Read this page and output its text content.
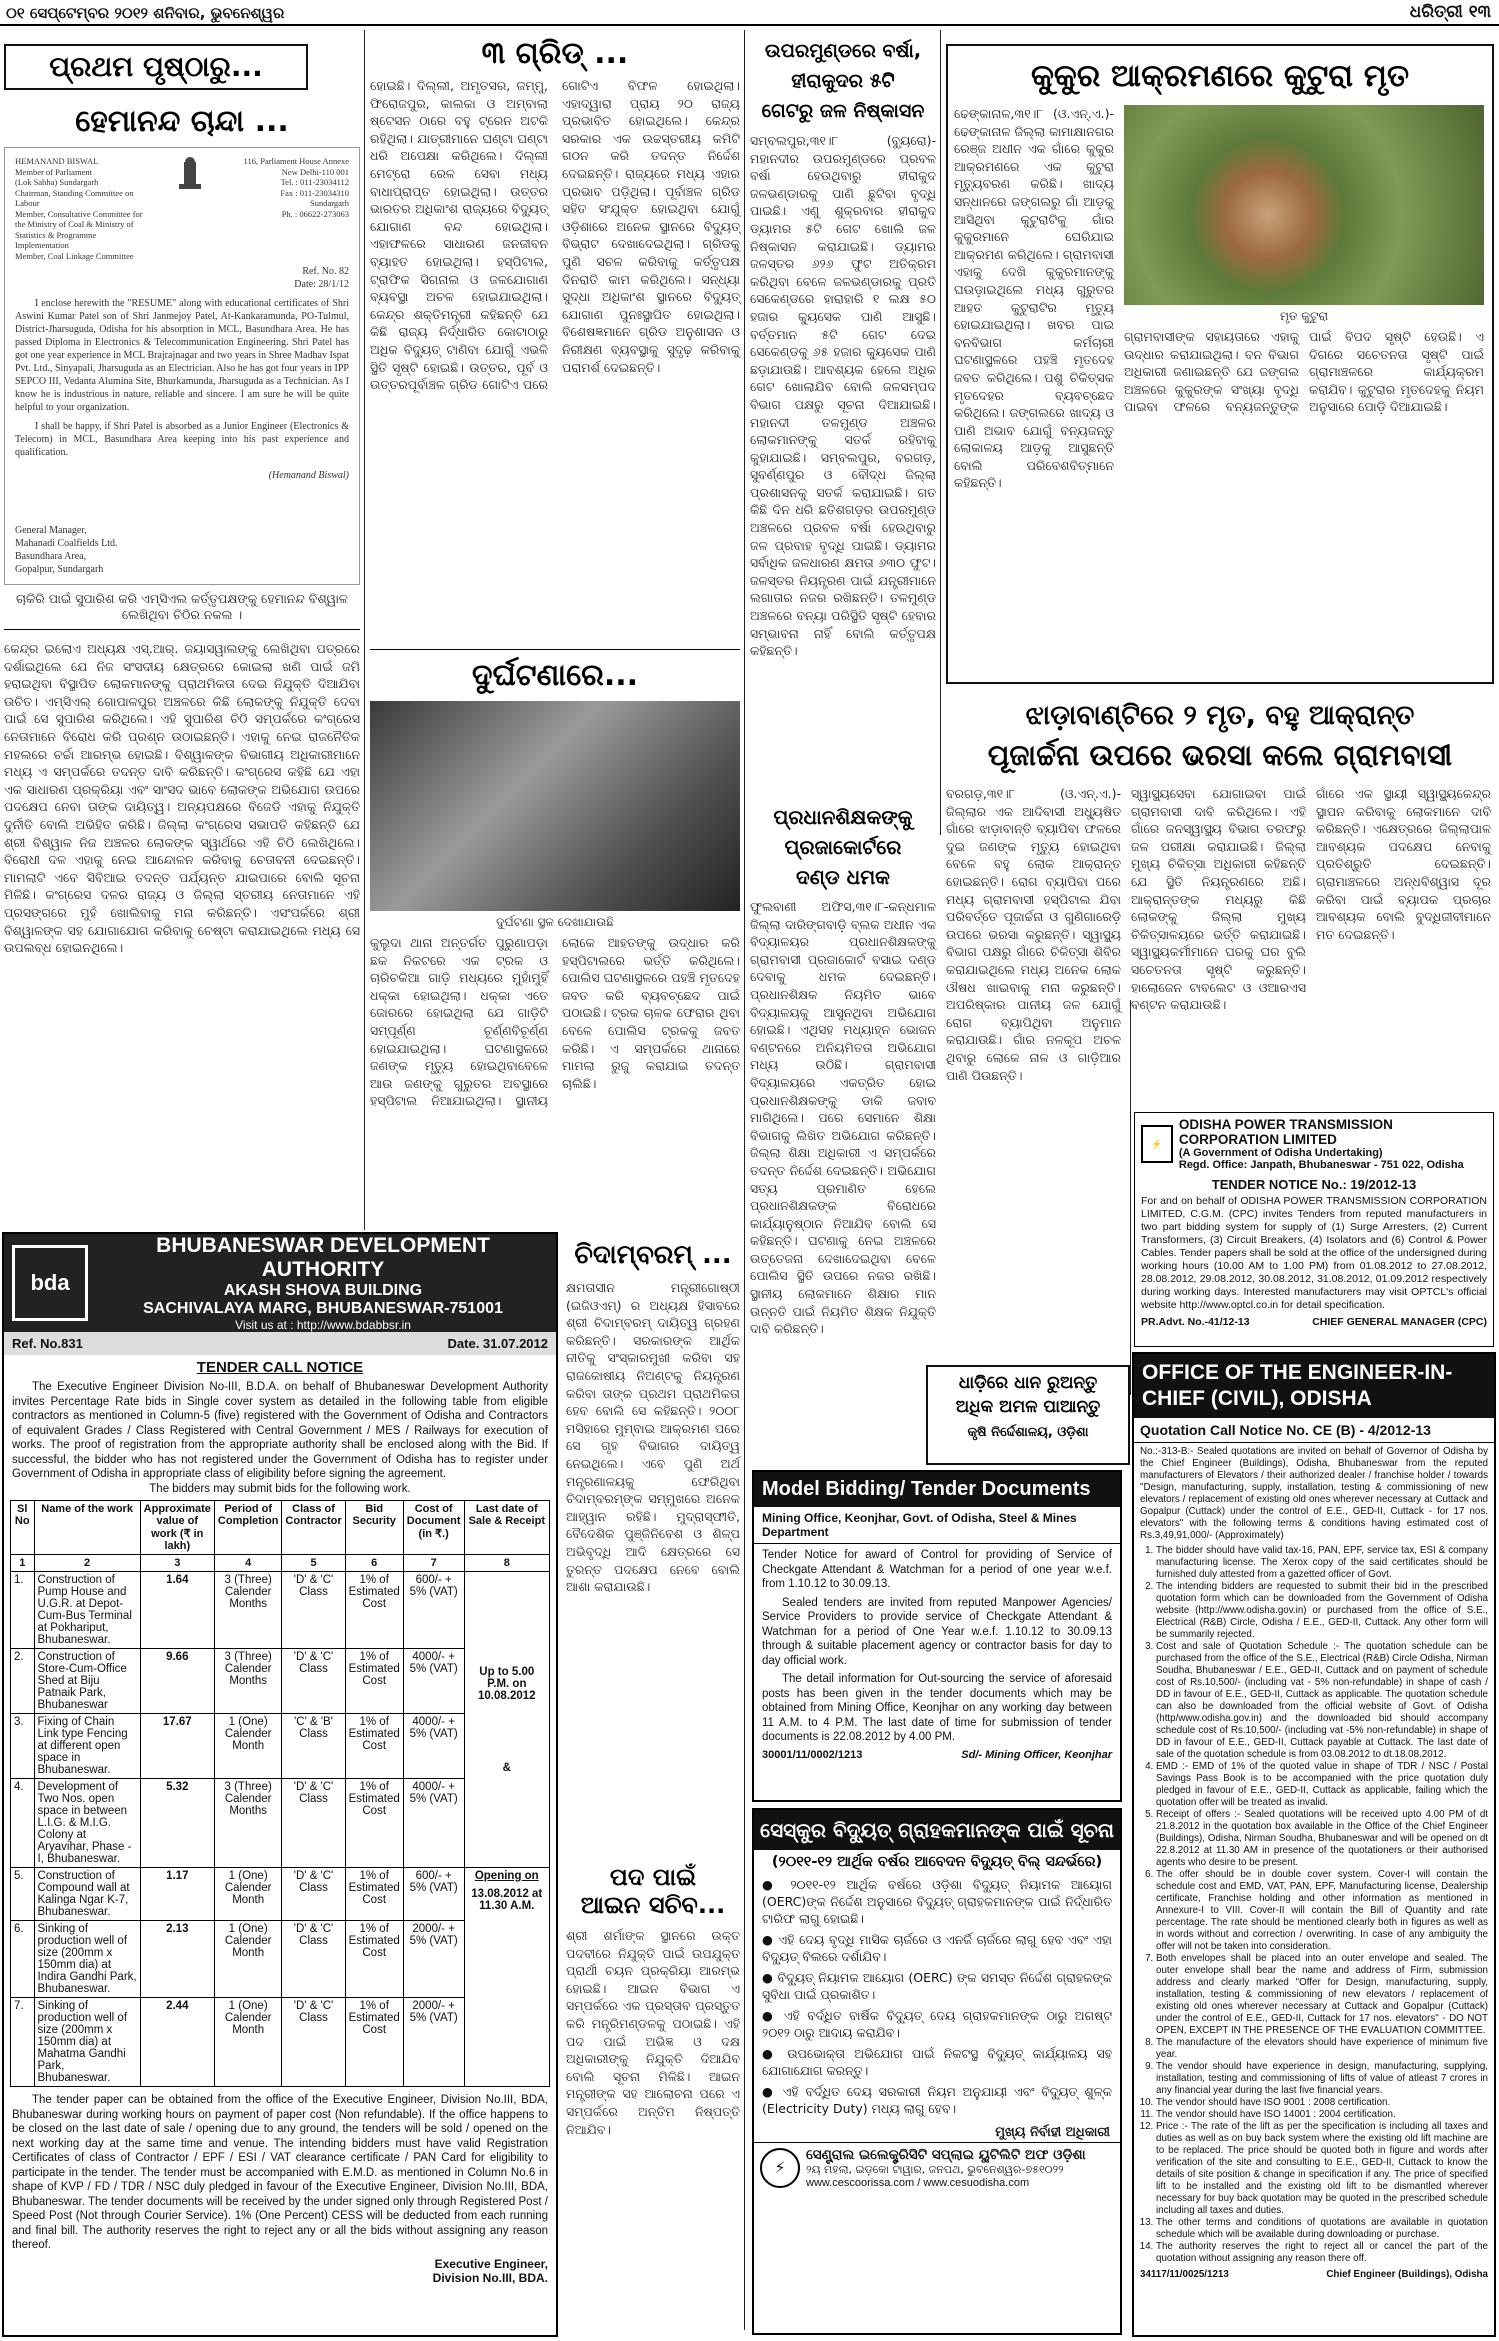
୦୧ ସେପ୍ଟେମ୍ବର ୨୦୧୨ ଶନିବାର, ଭୁବନେଶ୍ୱର	ଧରିତ୍ରୀ ୧୩
ପ୍ରଥମ ପୃଷ୍ଠାରୁ...
ହେମାନନ୍ଦ ଚାନ୍ଦା ...
HEMANAND BISWAL
Member of Parliament
(Lok Sabha) Sundargarh
Chairman, Standing Committee on Labour
Member, Consultative Committee for the Ministry of Coal & Ministry of Statistics & Programme Implementation
Member, Coal Linkage Committee
116, Parliament House Annexe
New Delhi-110 001
Tel. : 011-23034112
Fax : 011-23034310
Sundargarh
Ph. : 06622-273063
Ref. No. 82
Date: 28/1/12

I enclose herewith the "RESUME" along with educational certificates of Shri Aswini Kumar Patel son of Shri Janmejoy Patel, At-Kankaramunda, PO-Tulmul, District-Jharsuguda, Odisha for his absorption in MCL, Basundhara Area. He has passed Diploma in Electronics & Telecommunication Engineering. Shri Patel has got one year experience in MCL Brajrajnagar and two years in Shree Madhav Ispat Pvt. Ltd., Sinyapali, Jharsuguda as an Electrician. Also he has got four years in IPP SEPCO III, Vedanta Alumina Site, Bhurkamunda, Jharsuguda as a Technician. As I know he is industrious in nature, reliable and sincere. I am sure he will be quite helpful to your organization.

I shall be happy, if Shri Patel is absorbed as a Junior Engineer (Electronics & Telecom) in MCL, Basundhara Area keeping into his past experience and qualification.

(Hemanand Biswal)
General Manager,
Mahanadi Coalfields Ltd.
Basundhara Area,
Gopalpur, Sundargarh
ଚାକିରି ପାଇଁ ସୁପାରିଶ କରି ଏମ୍‌ସିଏଲ କର୍ତ୍ତୃପକ୍ଷଙ୍କୁ ହେମାନନ୍ଦ ବିଶ୍ୱାଳ ଲେଖିଥିବା ଚିଠିର ନକଲ ।
କେନ୍ଦ୍ର ଇଲୋଏ ଅଧ୍ୟକ୍ଷ ଏସ୍‌.ଆର୍‌. ଜୟାସୱାଲଙ୍କୁ ଲେଖିଥିବା ପତ୍ରରେ ଦର୍ଶାଇଥିଲେ ଯେ ନିଜ ସଂସଦୀୟ କ୍ଷେତ୍ରରେ କୋଇଲା ଖଣି ପାଇଁ ଜମି ହରାଇଥିବା ବିସ୍ଥାପିତ ଲୋକମାନଙ୍କୁ ପ୍ରାଥମିକତା ଦେଇ ନିଯୁକ୍ତି ଦିଆଯିବା ଉଚିତ। ଏମ୍‌ସିଏଲ୍‌ ଗୋପାଳପୁର ଅଞ୍ଚଳରେ କିଛି ଲୋକଙ୍କୁ ନିଯୁକ୍ତି ଦେବା ପାଇଁ ସେ ସୁପାରିଶ କରିଥିଲେ। ଏହି ସୁପାରିଶ ଚିଠି ସମ୍ପର୍କରେ କଂଗ୍ରେସ ନେତାମାନେ ବିରୋଧ କରି ପ୍ରଶ୍ନ ଉଠାଇଛନ୍ତି। ଏହାକୁ ନେଇ ରାଜନୈତିକ ମହଲରେ ଚର୍ଚ୍ଚା ଆରମ୍ଭ ହୋଇଛି। ବିଶ୍ୱାଳଙ୍କ ବିଭାଗୀୟ ଅଧିକାରୀମାନେ ମଧ୍ୟ ଏ ସମ୍ପର୍କରେ ତଦନ୍ତ ଦାବି କରିଛନ୍ତି। କଂଗ୍ରେସ କହିଛି ଯେ ଏହା ଏକ ସାଧାରଣ ପ୍ରକ୍ରିୟା ଏବଂ ସାଂସଦ ଭାବେ ଲୋକଙ୍କ ଅଭିଯୋଗ ଉପରେ ପଦକ୍ଷେପ ନେବା ତାଙ୍କ ଦାୟିତ୍ୱ। ଅନ୍ୟପକ୍ଷରେ ବିଜେଡି ଏହାକୁ ନିଯୁକ୍ତି ଦୁର୍ନୀତି ବୋଲି ଅଭିହିତ କରିଛି। ଜିଲ୍ଲା କଂଗ୍ରେସ ସଭାପତି କହିଛନ୍ତି ଯେ ଶ୍ରୀ ବିଶ୍ୱାଳ ନିଜ ଅଞ୍ଚଳର ଲୋକଙ୍କ ସ୍ୱାର୍ଥରେ ଏହି ଚିଠି ଲେଖିଥିଲେ। ବିରୋଧୀ ଦଳ ଏହାକୁ ନେଇ ଆନ୍ଦୋଳନ କରିବାକୁ ଚେତାବନୀ ଦେଇଛନ୍ତି। ମାମଲାଟି ଏବେ ସିବିଆଇ ତଦନ୍ତ ପର୍ଯ୍ୟନ୍ତ ଯାଇପାରେ ବୋଲି ସୂଚନା ମିଳିଛି। କଂଗ୍ରେସ ଦଳର ରାଜ୍ୟ ଓ ଜିଲ୍ଲା ସ୍ତରୀୟ ନେତାମାନେ ଏହି ପ୍ରସଙ୍ଗରେ ମୁହଁ ଖୋଲିବାକୁ ମନା କରିଛନ୍ତି। ଏସଂପର୍କରେ ଶ୍ରୀ ବିଶ୍ୱାଳଙ୍କ ସହ ଯୋଗାଯୋଗ କରିବାକୁ ଚେଷ୍ଟା କରାଯାଇଥିଲେ ମଧ୍ୟ ସେ ଉପଲବ୍ଧ ହୋଇନଥିଲେ।
୩ ଗ୍ରିଡ୍‌ ...
ହୋଇଛି। ଦିଲ୍ଲୀ, ଅମୃତସର, ଜମ୍ମୁ, ଫିରୋଜପୁର, କାଲକା ଓ ଅମ୍ବାଲା ଷ୍ଟେସନ ଠାରେ ବହୁ ଟ୍ରେନ ଅଟକି ରହିଥିଲା। ଯାତ୍ରୀମାନେ ଘଣ୍ଟା ଘଣ୍ଟା ଧରି ଅପେକ୍ଷା କରିଥିଲେ। ଦିଲ୍ଲୀ ମେଟ୍ରୋ ରେଳ ସେବା ମଧ୍ୟ ବାଧାପ୍ରାପ୍ତ ହୋଇଥିଲା। ଉତ୍ତର ଭାରତର ଅଧିକାଂଶ ରାଜ୍ୟରେ ବିଦ୍ୟୁତ୍‌ ଯୋଗାଣ ବନ୍ଦ ହୋଇଥିଲା। ଏହାଫଳରେ ସାଧାରଣ ଜନଜୀବନ ବ୍ୟାହତ ହୋଇଥିଲା। ହସ୍ପିଟାଲ, ଟ୍ରାଫିକ ସିଗନାଲ ଓ ଜଳଯୋଗାଣ ବ୍ୟବସ୍ଥା ଅଚଳ ହୋଇଯାଇଥିଲା। କେନ୍ଦ୍ର ଶକ୍ତିମନ୍ତ୍ରୀ କହିଛନ୍ତି ଯେ କିଛି ରାଜ୍ୟ ନିର୍ଦ୍ଧାରିତ କୋଟାଠାରୁ ଅଧିକ ବିଦ୍ୟୁତ୍‌ ଟାଣିବା ଯୋଗୁଁ ଏଭଳି ସ୍ଥିତି ସୃଷ୍ଟି ହୋଇଛି। ଉତ୍ତର, ପୂର୍ବ ଓ ଉତ୍ତରପୂର୍ବାଞ୍ଚଳ ଗ୍ରିଡ ଗୋଟିଏ ପରେ ଗୋଟିଏ ବିଫଳ ହୋଇଥିଲା। ଏହାଦ୍ୱାରା ପ୍ରାୟ ୨୦ ରାଜ୍ୟ ପ୍ରଭାବିତ ହୋଇଥିଲେ। କେନ୍ଦ୍ର ସରକାର ଏକ ଉଚ୍ଚସ୍ତରୀୟ କମିଟି ଗଠନ କରି ତଦନ୍ତ ନିର୍ଦ୍ଦେଶ ଦେଇଛନ୍ତି। ରାଜ୍ୟରେ ମଧ୍ୟ ଏହାର ପ୍ରଭାବ ପଡ଼ିଥିଲା। ପୂର୍ବାଞ୍ଚଳ ଗ୍ରିଡ ସହିତ ସଂଯୁକ୍ତ ହୋଇଥିବା ଯୋଗୁଁ ଓଡ଼ିଶାରେ ଅନେକ ସ୍ଥାନରେ ବିଦ୍ୟୁତ୍‌ ବିଭ୍ରାଟ ଦେଖାଦେଇଥିଲା। ଗ୍ରିଡକୁ ପୁଣି ସଚଳ କରିବାକୁ କର୍ତ୍ତୃପକ୍ଷ ଦିନରାତି କାମ କରିଥିଲେ। ସନ୍ଧ୍ୟା ସୁଦ୍ଧା ଅଧିକାଂଶ ସ୍ଥାନରେ ବିଦ୍ୟୁତ୍‌ ଯୋଗାଣ ପୁନଃସ୍ଥାପିତ ହୋଇଥିଲା। ବିଶେଷଜ୍ଞମାନେ ଗ୍ରିଡ ଅନୁଶାସନ ଓ ନିରୀକ୍ଷଣ ବ୍ୟବସ୍ଥାକୁ ସୁଦୃଢ଼ କରିବାକୁ ପରାମର୍ଶ ଦେଇଛନ୍ତି।
ଦୁର୍ଘଟଣାରେ...
ଦୁର୍ଘଟଣା ସ୍ଥଳ ଦେଖାଯାଉଛି
କୁଲୁଦା ଥାନା ଅନ୍ତର୍ଗତ ପୁରୁଣାପଡ଼ା ଛକ ନିକଟରେ ଏକ ଟ୍ରକ ଓ ଚାରିଚକିଆ ଗାଡ଼ି ମଧ୍ୟରେ ମୁହାଁମୁହିଁ ଧକ୍କା ହୋଇଥିଲା। ଧକ୍କା ଏତେ ଜୋରରେ ହୋଇଥିଲା ଯେ ଗାଡ଼ିଟି ସମ୍ପୂର୍ଣ୍ଣ ଚୂର୍ଣ୍ଣବିଚୂର୍ଣ୍ଣ ହୋଇଯାଇଥିଲା। ଘଟଣାସ୍ଥଳରେ ଜଣଙ୍କ ମୃତ୍ୟୁ ହୋଇଥିବାବେଳେ ଆଉ ଜଣଙ୍କୁ ଗୁରୁତର ଅବସ୍ଥାରେ ହସ୍ପିଟାଲ ନିଆଯାଇଥିଲା। ସ୍ଥାନୀୟ ଲୋକେ ଆହତଙ୍କୁ ଉଦ୍ଧାର କରି ହସ୍ପିଟାଲରେ ଭର୍ତ୍ତି କରିଥିଲେ। ପୋଲିସ ଘଟଣାସ୍ଥଳରେ ପହଞ୍ଚି ମୃତଦେହ ଜବତ କରି ବ୍ୟବଚ୍ଛେଦ ପାଇଁ ପଠାଇଛି। ଟ୍ରକ ଚାଳକ ଫେରାର ଥିବା ବେଳେ ପୋଲିସ ଟ୍ରକକୁ ଜବତ କରିଛି। ଏ ସମ୍ପର୍କରେ ଥାନାରେ ମାମଲା ରୁଜୁ କରାଯାଇ ତଦନ୍ତ ଚାଲିଛି।
ଚିଦାମ୍ବରମ୍‌ ...
କ୍ଷମତାସୀନ ମନ୍ତ୍ରୀଗୋଷ୍ଠୀ (ଇଜିଓଏମ୍‌) ର ଅଧ୍ୟକ୍ଷ ହିସାବରେ ଶ୍ରୀ ଚିଦାମ୍ବରମ୍‌ ଦାୟିତ୍ୱ ଗ୍ରହଣ କରିଛନ୍ତି। ସରକାରଙ୍କ ଆର୍ଥିକ ନୀତିକୁ ସଂସ୍କାରମୁଖୀ କରିବା ସହ ରାଜକୋଷୀୟ ନିଅଣ୍ଟକୁ ନିୟନ୍ତ୍ରଣ କରିବା ତାଙ୍କ ପ୍ରଥମ ପ୍ରାଥମିକତା ହେବ ବୋଲି ସେ କହିଛନ୍ତି। ୨୦୦୮ ମସିହାରେ ମୁମ୍ବାଇ ଆକ୍ରମଣ ପରେ ସେ ଗୃହ ବିଭାଗର ଦାୟିତ୍ୱ ନେଇଥିଲେ। ଏବେ ପୁଣି ଅର୍ଥ ମନ୍ତ୍ରଣାଳୟକୁ ଫେରିଥିବା ଚିଦାମ୍ବରମ୍‌ଙ୍କ ସମ୍ମୁଖରେ ଅନେକ ଆହ୍ୱାନ ରହିଛି। ମୁଦ୍ରାସ୍ଫୀତି, ବୈଦେଶିକ ପୁଞ୍ଜିନିବେଶ ଓ ଶିଳ୍ପ ଅଭିବୃଦ୍ଧି ଆଦି କ୍ଷେତ୍ରରେ ସେ ତୁରନ୍ତ ପଦକ୍ଷେପ ନେବେ ବୋଲି ଆଶା କରାଯାଉଛି।
ପଦ ପାଇଁ
ଆଇନ ସଚିବ...
ଶ୍ରୀ ଶର୍ମାଙ୍କ ସ୍ଥାନରେ ଉକ୍ତ ପଦବୀରେ ନିଯୁକ୍ତି ପାଇଁ ଉପଯୁକ୍ତ ପ୍ରାର୍ଥୀ ଚୟନ ପ୍ରକ୍ରିୟା ଆରମ୍ଭ ହୋଇଛି। ଆଇନ ବିଭାଗ ଏ ସମ୍ପର୍କରେ ଏକ ପ୍ରସ୍ତାବ ପ୍ରସ୍ତୁତ କରି ମନ୍ତ୍ରିମଣ୍ଡଳକୁ ପଠାଇଛି। ଏହି ପଦ ପାଇଁ ଅଭିଜ୍ଞ ଓ ଦକ୍ଷ ଅଧିକାରୀଙ୍କୁ ନିଯୁକ୍ତି ଦିଆଯିବ ବୋଲି ସୂଚନା ମିଳିଛି। ଆଇନ ମନ୍ତ୍ରୀଙ୍କ ସହ ଆଲୋଚନା ପରେ ଏ ସମ୍ପର୍କରେ ଅନ୍ତିମ ନିଷ୍ପତ୍ତି ନିଆଯିବ।
ଉପରମୁଣ୍ଡରେ ବର୍ଷା,
ହୀରାକୁଦର ୫ଟି
ଗେଟରୁ ଜଳ ନିଷ୍କାସନ
ସମ୍ବଲପୁର,୩୧।୮ (ବ୍ୟୁରୋ)- ମହାନଦୀର ଉପରମୁଣ୍ଡରେ ପ୍ରବଳ ବର୍ଷା ହେଉଥିବାରୁ ହୀରାକୁଦ ଜଳଭଣ୍ଡାରକୁ ପାଣି ଛୁଟିବା ବୃଦ୍ଧି ପାଇଛି। ଏଣୁ ଶୁକ୍ରବାର ହୀରାକୁଦ ଡ୍ୟାମର ୫ଟି ଗେଟ ଖୋଲି ଜଳ ନିଷ୍କାସନ କରାଯାଇଛି। ଡ୍ୟାମର ଜଳସ୍ତର ୬୨୬ ଫୁଟ ଅତିକ୍ରମ କରିଥିବା ବେଳେ ଜଳଭଣ୍ଡାରକୁ ପ୍ରତି ସେକେଣ୍ଡରେ ହାରାହାରି ୧ ଲକ୍ଷ ୫୦ ହଜାର କ୍ୟୁସେକ ପାଣି ଆସୁଛି। ବର୍ତ୍ତମାନ ୫ଟି ଗେଟ ଦେଇ ସେକେଣ୍ଡକୁ ୬୫ ହଜାର କ୍ୟୁସେକ ପାଣି ଛଡ଼ାଯାଉଛି। ଆବଶ୍ୟକ ହେଲେ ଅଧିକ ଗେଟ ଖୋଲାଯିବ ବୋଲି ଜଳସମ୍ପଦ ବିଭାଗ ପକ୍ଷରୁ ସୂଚନା ଦିଆଯାଇଛି। ମହାନଦୀ ତଳମୁଣ୍ଡ ଅଞ୍ଚଳର ଲୋକମାନଙ୍କୁ ସତର୍କ ରହିବାକୁ କୁହାଯାଇଛି। ସମ୍ବଲପୁର, ବରଗଡ଼, ସୁବର୍ଣ୍ଣପୁର ଓ ବୌଦ୍ଧ ଜିଲ୍ଲା ପ୍ରଶାସନକୁ ସତର୍କ କରାଯାଇଛି। ଗତ କିଛି ଦିନ ଧରି ଛତିଶଗଡ଼ର ଉପରମୁଣ୍ଡ ଅଞ୍ଚଳରେ ପ୍ରବଳ ବର୍ଷା ହେଉଥିବାରୁ ଜଳ ପ୍ରବାହ ବୃଦ୍ଧି ପାଇଛି। ଡ୍ୟାମର ସର୍ବାଧିକ ଜଳଧାରଣ କ୍ଷମତା ୬୩୦ ଫୁଟ। ଜଳସ୍ତର ନିୟନ୍ତ୍ରଣ ପାଇଁ ଯନ୍ତ୍ରୀମାନେ ଲଗାତାର ନଜର ରଖିଛନ୍ତି। ତଳମୁଣ୍ଡ ଅଞ୍ଚଳରେ ବନ୍ୟା ପରିସ୍ଥିତି ସୃଷ୍ଟି ହେବାର ସମ୍ଭାବନା ନାହିଁ ବୋଲି କର୍ତ୍ତୃପକ୍ଷ କହିଛନ୍ତି।
ପ୍ରଧାନଶିକ୍ଷକଙ୍କୁ
ପ୍ରଜାକୋର୍ଟରେ
ଦଣ୍ଡ ଧମକ
ଫୁଲବାଣୀ ଅଫିସ,୩୧।୮-କନ୍ଧମାଳ ଜିଲ୍ଲା ଦାରିଙ୍ଗବାଡ଼ି ବ୍ଲକ ଅଧୀନ ଏକ ବିଦ୍ୟାଳୟର ପ୍ରଧାନଶିକ୍ଷକଙ୍କୁ ଗ୍ରାମବାସୀ ପ୍ରଜାକୋର୍ଟ ବସାଇ ଦଣ୍ଡ ଦେବାକୁ ଧମକ ଦେଇଛନ୍ତି। ପ୍ରଧାନଶିକ୍ଷକ ନିୟମିତ ଭାବେ ବିଦ୍ୟାଳୟକୁ ଆସୁନଥିବା ଅଭିଯୋଗ ହୋଇଛି। ଏଥିସହ ମଧ୍ୟାହ୍ନ ଭୋଜନ ବଣ୍ଟନରେ ଅନିୟମିତତା ଅଭିଯୋଗ ମଧ୍ୟ ଉଠିଛି। ଗ୍ରାମବାସୀ ବିଦ୍ୟାଳୟରେ ଏକତ୍ରିତ ହୋଇ ପ୍ରଧାନଶିକ୍ଷକଙ୍କୁ ଡାକି ଜବାବ ମାଗିଥିଲେ। ପରେ ସେମାନେ ଶିକ୍ଷା ବିଭାଗକୁ ଲିଖିତ ଅଭିଯୋଗ କରିଛନ୍ତି। ଜିଲ୍ଲା ଶିକ୍ଷା ଅଧିକାରୀ ଏ ସମ୍ପର୍କରେ ତଦନ୍ତ ନିର୍ଦ୍ଦେଶ ଦେଇଛନ୍ତି। ଅଭିଯୋଗ ସତ୍ୟ ପ୍ରମାଣିତ ହେଲେ ପ୍ରଧାନଶିକ୍ଷକଙ୍କ ବିରୋଧରେ କାର୍ଯ୍ୟାନୁଷ୍ଠାନ ନିଆଯିବ ବୋଲି ସେ କହିଛନ୍ତି। ଘଟଣାକୁ ନେଇ ଅଞ୍ଚଳରେ ଉତ୍ତେଜନା ଦେଖାଦେଇଥିବା ବେଳେ ପୋଲିସ ସ୍ଥିତି ଉପରେ ନଜର ରଖିଛି। ସ୍ଥାନୀୟ ଲୋକମାନେ ଶିକ୍ଷାର ମାନ ଉନ୍ନତି ପାଇଁ ନିୟମିତ ଶିକ୍ଷକ ନିଯୁକ୍ତି ଦାବି କରିଛନ୍ତି।
ଧାଡ଼ିରେ ଧାନ ରୁଅନ୍ତୁ
ଅଧିକ ଅମଳ ପାଆନ୍ତୁ
କୃଷି ନିର୍ଦ୍ଦେଶାଳୟ, ଓଡ଼ିଶା
କୁକୁର ଆକ୍ରମଣରେ କୁଟୁରା ମୃତ
ଢେଙ୍କାନାଳ,୩୧।୮ (ଓ.ଏନ୍‌.ଏ.)- ଢେଙ୍କାନାଳ ଜିଲ୍ଲା କାମାକ୍ଷାନଗର ରେଞ୍ଜ ଅଧୀନ ଏକ ଗାଁରେ କୁକୁର ଆକ୍ରମଣରେ ଏକ କୁଟୁରା ମୃତ୍ୟୁବରଣ କରିଛି। ଖାଦ୍ୟ ସନ୍ଧାନରେ ଜଙ୍ଗଲରୁ ଗାଁ ଆଡ଼କୁ ଆସିଥିବା କୁଟୁରାଟିକୁ ଗାଁର କୁକୁରମାନେ ଘେରିଯାଇ ଆକ୍ରମଣ କରିଥିଲେ। ଗ୍ରାମବାସୀ ଏହାକୁ ଦେଖି କୁକୁରମାନଙ୍କୁ ଘଉଡ଼ାଇଥିଲେ ମଧ୍ୟ ଗୁରୁତର ଆହତ କୁଟୁରାଟିର ମୃତ୍ୟୁ ହୋଇଯାଇଥିଲା। ଖବର ପାଇ ବନବିଭାଗ କର୍ମଚାରୀ ଘଟଣାସ୍ଥଳରେ ପହଞ୍ଚି ମୃତଦେହ ଜବତ କରିଥିଲେ। ପଶୁ ଚିକିତ୍ସକ ମୃତଦେହର ବ୍ୟବଚ୍ଛେଦ କରିଥିଲେ। ଜଙ୍ଗଲରେ ଖାଦ୍ୟ ଓ ପାଣି ଅଭାବ ଯୋଗୁଁ ବନ୍ୟଜନ୍ତୁ ଲୋକାଳୟ ଆଡ଼କୁ ଆସୁଛନ୍ତି ବୋଲି ପରିବେଶବିତ୍‌ମାନେ କହିଛନ୍ତି।
ମୃତ କୁଟୁରା
ଗ୍ରାମବାସୀଙ୍କ ସହାୟତାରେ ଏହାକୁ ଉଦ୍ଧାର କରାଯାଇଥିଲା। ବନ ବିଭାଗ ଅଧିକାରୀ ଜଣାଇଛନ୍ତି ଯେ ଜଙ୍ଗଲ ଅଞ୍ଚଳରେ କୁକୁରଙ୍କ ସଂଖ୍ୟା ବୃଦ୍ଧି ପାଇବା ଫଳରେ ବନ୍ୟଜନ୍ତୁଙ୍କ ପାଇଁ ବିପଦ ସୃଷ୍ଟି ହେଉଛି। ଏ ଦିଗରେ ସଚେତନତା ସୃଷ୍ଟି ପାଇଁ ଗ୍ରାମାଞ୍ଚଳରେ କାର୍ଯ୍ୟକ୍ରମ କରାଯିବ। କୁଟୁରାର ମୃତଦେହକୁ ନିୟମ ଅନୁସାରେ ପୋଡ଼ି ଦିଆଯାଇଛି।
ଝାଡ଼ାବାଣ୍ଟିରେ ୨ ମୃତ, ବହୁ ଆକ୍ରାନ୍ତ
ପୂଜାର୍ଚ୍ଚନା ଉପରେ ଭରସା କଲେ ଗ୍ରାମବାସୀ
ବରଗଡ଼,୩୧।୮ (ଓ.ଏନ୍‌.ଏ.)- ଜିଲ୍ଲାର ଏକ ଆଦିବାସୀ ଅଧ୍ୟୁଷିତ ଗାଁରେ ଝାଡ଼ାବାନ୍ତି ବ୍ୟାପିବା ଫଳରେ ଦୁଇ ଜଣଙ୍କ ମୃତ୍ୟୁ ହୋଇଥିବା ବେଳେ ବହୁ ଲୋକ ଆକ୍ରାନ୍ତ ହୋଇଛନ୍ତି। ରୋଗ ବ୍ୟାପିବା ପରେ ମଧ୍ୟ ଗ୍ରାମବାସୀ ହସ୍ପିଟାଲ ଯିବା ପରିବର୍ତ୍ତେ ପୂଜାର୍ଚ୍ଚନା ଓ ଗୁଣିଗାରେଡ଼ି ଉପରେ ଭରସା କରୁଛନ୍ତି। ସ୍ୱାସ୍ଥ୍ୟ ବିଭାଗ ପକ୍ଷରୁ ଗାଁରେ ଚିକିତ୍ସା ଶିବିର କରାଯାଇଥିଲେ ମଧ୍ୟ ଅନେକ ଲୋକ ଔଷଧ ଖାଇବାକୁ ମନା କରୁଛନ୍ତି। ଅପରିଷ୍କାର ପାନୀୟ ଜଳ ଯୋଗୁଁ ରୋଗ ବ୍ୟାପିଥିବା ଅନୁମାନ କରାଯାଉଛି। ଗାଁର ନଳକୂପ ଅଚଳ ଥିବାରୁ ଲୋକେ ନାଳ ଓ ଗାଡ଼ିଆର ପାଣି ପିଉଛନ୍ତି।
ସ୍ୱାସ୍ଥ୍ୟସେବା ଯୋଗାଇବା ପାଇଁ ଗ୍ରାମବାସୀ ଦାବି କରିଥିଲେ। ଏହି ଗାଁରେ ଜନସ୍ୱାସ୍ଥ୍ୟ ବିଭାଗ ତରଫରୁ ଜଳ ପରୀକ୍ଷା କରାଯାଇଛି। ଜିଲ୍ଲା ମୁଖ୍ୟ ଚିକିତ୍ସା ଅଧିକାରୀ କହିଛନ୍ତି ଯେ ସ୍ଥିତି ନିୟନ୍ତ୍ରଣରେ ଅଛି। ଆକ୍ରାନ୍ତଙ୍କ ମଧ୍ୟରୁ କିଛି ଲୋକଙ୍କୁ ଜିଲ୍ଲା ମୁଖ୍ୟ ଚିକିତ୍ସାଳୟରେ ଭର୍ତ୍ତି କରାଯାଇଛି। ସ୍ୱାସ୍ଥ୍ୟକର୍ମୀମାନେ ଘରକୁ ଘର ବୁଲି ସଚେତନତା ସୃଷ୍ଟି କରୁଛନ୍ତି। ହାଲୋଜେନ ଟାବଲେଟ ଓ ଓଆରଏସ ବଣ୍ଟନ କରାଯାଉଛି।
ଗାଁରେ ଏକ ସ୍ଥାୟୀ ସ୍ୱାସ୍ଥ୍ୟକେନ୍ଦ୍ର ସ୍ଥାପନ କରିବାକୁ ଲୋକମାନେ ଦାବି କରିଛନ୍ତି। ଏକ୍ଷେତ୍ରରେ ଜିଲ୍ଲାପାଳ ଆବଶ୍ୟକ ପଦକ୍ଷେପ ନେବାକୁ ପ୍ରତିଶ୍ରୁତି ଦେଇଛନ୍ତି। ଗ୍ରାମାଞ୍ଚଳରେ ଅନ୍ଧବିଶ୍ୱାସ ଦୂର କରିବା ପାଇଁ ବ୍ୟାପକ ପ୍ରଚାର ଆବଶ୍ୟକ ବୋଲି ବୁଦ୍ଧିଜୀବୀମାନେ ମତ ଦେଇଛନ୍ତି।
⚡
ODISHA POWER TRANSMISSION CORPORATION LIMITED
(A Government of Odisha Undertaking)
Regd. Office: Janpath, Bhubaneswar - 751 022, Odisha
TENDER NOTICE No.: 19/2012-13
For and on behalf of ODISHA POWER TRANSMISSION CORPORATION LIMITED, C.G.M. (CPC) invites Tenders from reputed manufacturers in two part bidding system for supply of (1) Surge Arresters, (2) Current Transformers, (3) Circuit Breakers, (4) Isolators and (6) Control & Power Cables. Tender papers shall be sold at the office of the undersigned during working hours (10.00 AM to 1.00 PM) from 01.08.2012 to 27.08.2012, 28.08.2012, 29.08.2012, 30.08.2012, 31.08.2012, 01.09.2012 respectively during working days. Interested manufacturers may visit OPTCL's official website http://www.optcl.co.in for detail specification.
PR.Advt. No.-41/12-13	CHIEF GENERAL MANAGER (CPC)
bda
BHUBANESWAR DEVELOPMENT AUTHORITY
AKASH SHOVA BUILDING
SACHIVALAYA MARG, BHUBANESWAR-751001
Visit us at : http://www.bdabbsr.in
Ref. No.831	Date. 31.07.2012
TENDER CALL NOTICE
The Executive Engineer Division No-III, B.D.A. on behalf of Bhubaneswar Development Authority invites Percentage Rate bids in Single cover system as detailed in the following table from eligible contractors as mentioned in Column-5 (five) registered with the Government of Odisha and Contractors of equivalent Grades / Class Registered with Central Government / MES / Railways for execution of works. The proof of registration from the appropriate authority shall be enclosed along with the Bid. If successful, the bidder who has not registered under the Government of Odisha has to register under Government of Odisha in appropriate class of eligibility before signing the agreement.
The bidders may submit bids for the following work.
Sl No	Name of the work	Approximate value of work (₹ in lakh)	Period of Completion	Class of Contractor	Bid Security	Cost of Document (in ₹.)	Last date of Sale & Receipt
1	2	3	4	5	6	7	8
1.	Construction of Pump House and U.G.R. at Depot-Cum-Bus Terminal at Pokhariput, Bhubaneswar.	1.64	3 (Three) Calender Months	'D' & 'C' Class	1% of Estimated Cost	600/- + 5% (VAT)	Up to 5.00 P.M. on 10.08.2012
&

2.	Construction of Store-Cum-Office Shed at Biju Patnaik Park, Bhubaneswar	9.66	3 (Three) Calender Months	'D' & 'C' Class	1% of Estimated Cost	4000/- + 5% (VAT)	
3.	Fixing of Chain Link type Fencing at different open space in Bhubaneswar.	17.67	1 (One) Calender Month	'C' & 'B' Class	1% of Estimated Cost	4000/- + 5% (VAT)	
4.	Development of Two Nos. open space in between L.I.G. & M.I.G. Colony at Aryavihar, Phase - I, Bhubaneswar.	5.32	3 (Three) Calender Months	'D' & 'C' Class	1% of Estimated Cost	4000/- + 5% (VAT)	
5.	Construction of Compound wall at Kalinga Ngar K-7, Bhubaneswar.	1.17	1 (One) Calender Month	'D' & 'C' Class	1% of Estimated Cost	600/- + 5% (VAT)	Opening on
13.08.2012 at 11.30 A.M.

6.	Sinking of production well of size (200mm x 150mm dia) at Indira Gandhi Park, Bhubaneswar.	2.13	1 (One) Calender Month	'D' & 'C' Class	1% of Estimated Cost	2000/- + 5% (VAT)	
7.	Sinking of production well of size (200mm x 150mm dia) at Mahatma Gandhi Park, Bhubaneswar.	2.44	1 (One) Calender Month	'D' & 'C' Class	1% of Estimated Cost	2000/- + 5% (VAT)	
The tender paper can be obtained from the office of the Executive Engineer, Division No.III, BDA, Bhubaneswar during working hours on payment of paper cost (Non refundable). If the office happens to be closed on the last date of sale / opening due to any ground, the tenders will be sold / opened on the next working day at the same time and venue. The intending bidders must have valid Registration Certificates of class of Contractor / EPF / ESI / VAT clearance certificate / PAN Card for eligibility to participate in the tender. The tender must be accompanied with E.M.D. as mentioned in Column No.6 in shape of KVP / FD / TDR / NSC duly pledged in favour of the Executive Engineer, Division No.III, BDA, Bhubaneswar. The tender documents will be received by the under signed only through Registered Post / Speed Post (Not through Courier Service). 1% (One Percent) CESS will be deducted from each running and final bill. The authority reserves the right to reject any or all the bids without assigning any reason thereof.
Executive Engineer,
Division No.III, BDA.
Model Bidding/ Tender Documents
Mining Office, Keonjhar, Govt. of Odisha, Steel & Mines Department
Tender Notice for award of Control for providing of Service of Checkgate Attendant & Watchman for a period of one year w.e.f. from 1.10.12 to 30.09.13.
Sealed tenders are invited from reputed Manpower Agencies/ Service Providers to provide service of Checkgate Attendant & Watchman for a period of One Year w.e.f. 1.10.12 to 30.09.13 through & suitable placement agency or contractor basis for day to day official work.
The detail information for Out-sourcing the service of aforesaid posts has been given in the tender documents which may be obtained from Mining Office, Keonjhar on any working day between 11 A.M. to 4 P.M. The last date of time for submission of tender documents is 22.08.2012 by 4.00 PM.
30001/11/0002/1213	Sd/- Mining Officer, Keonjhar
ସେସ୍କୁର ବିଦ୍ୟୁତ୍‌ ଗ୍ରାହକମାନଙ୍କ ପାଇଁ ସୂଚନା
(୨୦୧୧-୧୨ ଆର୍ଥିକ ବର୍ଷର ଆବେଦନ ବିଦ୍ୟୁତ୍‌ ବିଲ୍‌ ସନ୍ଦର୍ଭରେ)
● ୨୦୧୧-୧୨ ଆର୍ଥିକ ବର୍ଷରେ ଓଡ଼ିଶା ବିଦ୍ୟୁତ୍‌ ନିୟାମକ ଆୟୋଗ (OERC)ଙ୍କ ନିର୍ଦ୍ଦେଶ ଅନୁସାରେ ବିଦ୍ୟୁତ୍‌ ଗ୍ରାହକମାନଙ୍କ ପାଇଁ ନିର୍ଦ୍ଧାରିତ ଟାରିଫ ଲାଗୁ ହୋଇଛି।
● ଏହି ଦେୟ ବୃଦ୍ଧି ମାସିକ ଚାର୍ଜରେ ଓ ଏନର୍ଜି ଚାର୍ଜରେ ଲାଗୁ ହେବ ଏବଂ ଏହା ବିଦ୍ୟୁତ୍‌ ବିଲରେ ଦର୍ଶାଯିବ।
● ବିଦ୍ୟୁତ୍‌ ନିୟାମକ ଆୟୋଗ (OERC) ଙ୍କ ସମସ୍ତ ନିର୍ଦ୍ଦେଶ ଗ୍ରାହକଙ୍କ ସୁବିଧା ପାଇଁ ପ୍ରକାଶିତ।
● ଏହି ବର୍ଦ୍ଧିତ ବାର୍ଷିକ ବିଦ୍ୟୁତ୍‌ ଦେୟ ଗ୍ରାହକମାନଙ୍କ ଠାରୁ ଅଗଷ୍ଟ ୨୦୧୨ ଠାରୁ ଆଦାୟ କରାଯିବ।
● ଉପଭୋକ୍ତା ଅଭିଯୋଗ ପାଇଁ ନିକଟସ୍ଥ ବିଦ୍ୟୁତ୍‌ କାର୍ଯ୍ୟାଳୟ ସହ ଯୋଗାଯୋଗ କରନ୍ତୁ।
● ଏହି ବର୍ଦ୍ଧିତ ଦେୟ ସରକାରୀ ନିୟମ ଅନୁଯାୟୀ ଏବଂ ବିଦ୍ୟୁତ୍‌ ଶୁଳ୍କ (Electricity Duty) ମଧ୍ୟ ଲାଗୁ ହେବ।
ମୁଖ୍ୟ ନିର୍ବାହୀ ଅଧିକାରୀ
⚡
ସେଣ୍ଟ୍ରାଲ ଇଲେକ୍ଟ୍ରିସିଟି ସପ୍ଲାଇ ୟୁଟିଲିଟି ଅଫ ଓଡ଼ିଶା
୨ୟ ମହଲା, ଇଡ଼କୋ ଟାୱାର, ଜନପଥ, ଭୁବନେଶ୍ୱର-୭୫୧୦୨୨
www.cescoorissa.com / www.cesuodisha.com
OFFICE OF THE ENGINEER-IN-CHIEF (CIVIL), ODISHA
Quotation Call Notice No. CE (B) - 4/2012-13
No.:-313-B:- Sealed quotations are invited on behalf of Governor of Odisha by the Chief Engineer (Buildings), Odisha, Bhubaneswar from the reputed manufacturers of Elevators / their authorized dealer / franchise holder / towards "Design, manufacturing, supply, installation, testing & commissioning of new elevators / replacement of existing old ones wherever necessary at Cuttack and Gopalpur (Cuttack) under the control of E.E., GED-II, Cuttack - for 17 nos. elevators" with the following terms & conditions having estimated cost of Rs.3,49,91,000/- (Approximately)
1. The bidder should have valid tax-16, PAN, EPF, service tax, ESI & company manufacturing license. The Xerox copy of the said certificates should be furnished duly attested from a gazetted officer of Govt.
2. The intending bidders are requested to submit their bid in the prescribed quotation form which can be downloaded from the Government of Odisha website (http://www.odisha.gov.in) or purchased from the office of S.E., Electrical (R&B) Circle, Odisha / E.E., GED-II, Cuttack. Any other form will be summarily rejected.
3. Cost and sale of Quotation Schedule :- The quotation schedule can be purchased from the office of the S.E., Electrical (R&B) Circle Odisha, Nirman Soudha, Bhubaneswar / E.E., GED-II, Cuttack and on payment of schedule cost of Rs.10,500/- (including vat - 5% non-refundable) in shape of cash / DD in favour of E.E., GED-II, Cuttack as applicable. The quotation schedule can also be downloaded from the official website of Govt. of Odisha (http/www.odisha.gov.in) and the downloaded bid should accompany schedule cost of Rs.10,500/- (including vat -5% non-refundable) in shape of DD in favour of E.E., GED-II, Cuttack payable at Cuttack. The last date of sale of the quotation schedule is from 03.08.2012 to dt.18.08.2012.
4. EMD :- EMD of 1% of the quoted value in shape of TDR / NSC / Postal Savings Pass Book is to be accompanied with the price quotation duly pledged in favour of E.E., GED-II, Cuttack as applicable, failing which the quotation offer will be treated as invalid.
5. Receipt of offers :- Sealed quotations will be received upto 4.00 PM of dt 21.8.2012 in the quotation box available in the Office of the Chief Engineer (Buildings), Odisha, Nirman Soudha, Bhubaneswar and will be opened on dt 22.8.2012 at 11.30 AM in presence of the quotationers or their authorised agents who desire to be present.
6. The offer should be in double cover system. Cover-I will contain the schedule cost and EMD, VAT, PAN, EPF, Manufacturing license, Dealership certificate, Franchise holding and other information as mentioned in Annexure-I to VIII. Cover-II will contain the Bill of Quantity and rate percentage. The rate should be mentioned clearly both in figures as well as in words without and correction / overwriting. In case of any ambiguity the offer will not be taken into consideration.
7. Both envelopes shall be placed into an outer envelope and sealed. The outer envelope shall bear the name and address of Firm, submission address and clearly marked "Offer for Design, manufacturing, supply, installation, testing & commissioning of new elevators / replacement of existing old ones wherever necessary at Cuttack and Gopalpur (Cuttack) under the control of E.E., GED-II, Cuttack for 17 nos. elevators" - DO NOT OPEN, EXCEPT IN THE PRESENCE OF THE EVALUATION COMMITTEE.
8. The manufacture of the elevators should have experience of minimum five year.
9. The vendor should have experience in design, manufacturing, supplying, installation, testing and commissioning of lifts of value of atleast 7 crores in any financial year during the last five financial years.
10. The vendor should have ISO 9001 : 2008 certification.
11. The vendor should have ISO 14001 : 2004 certification.
12. Price :- The rate of the lift as per the specification is including all taxes and duties as well as on buy back system where the existing old lift machine are to be replaced. The price should be quoted both in figure and words after verification of the site and consulting to E.E., GED-II, Cuttack to know the details of site position & change in specification if any. The price of specified lift to be installed and the existing old lift to be dismantled wherever necessary for buy back quotation may be quoted in the prescribed schedule including all taxes and duties.
13. The other terms and conditions of quotations are available in quotation schedule which will be available during downloading or purchase.
14. The authority reserves the right to reject all or cancel the part of the quotation without assigning any reason there off.
34117/11/0025/1213	Chief Engineer (Buildings), Odisha
